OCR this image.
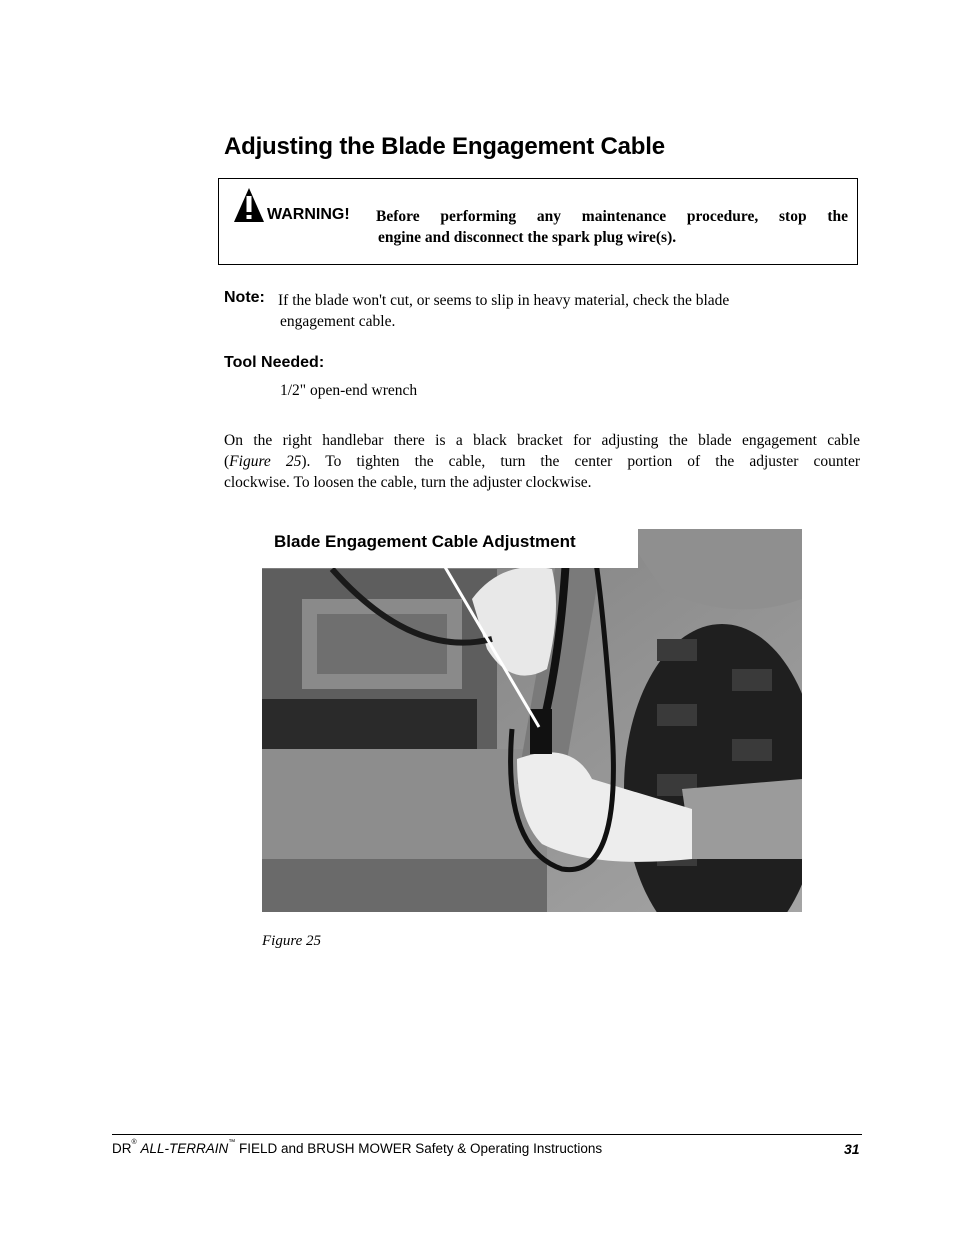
Adjusting the Blade Engagement Cable
WARNING! Before performing any maintenance procedure, stop the
engine and disconnect the spark plug wire(s).
Note: If the blade won't cut, or seems to slip in heavy material, check the blade
engagement cable.
Tool Needed:
1/2" open-end wrench
On the right handlebar there is a black bracket for adjusting the blade engagement cable
(Figure 25). To tighten the cable, turn the center portion of the adjuster counter
clockwise. To loosen the cable, turn the adjuster clockwise.
Blade Engagement Cable Adjustment
Figure 25
DR® ALL-TERRAIN™ FIELD and BRUSH MOWER Safety & Operating Instructions	31
